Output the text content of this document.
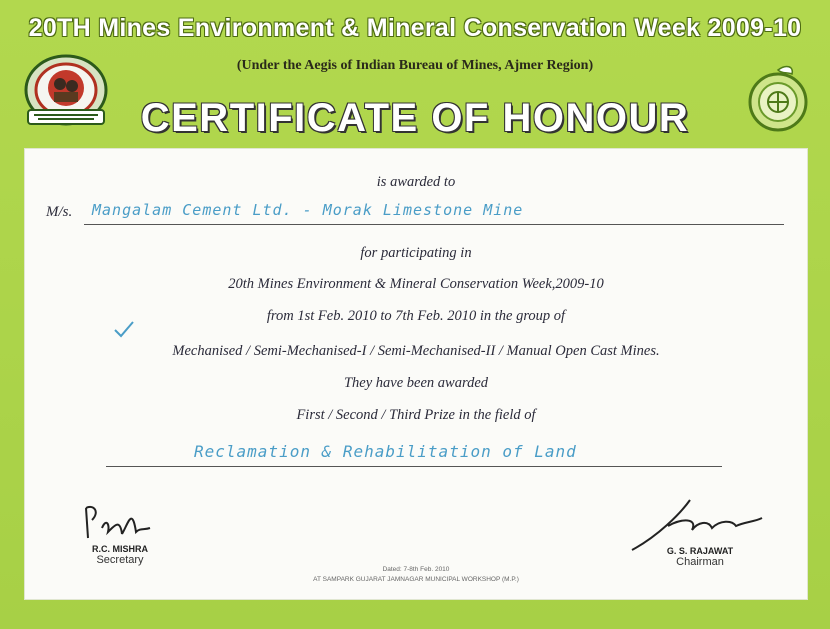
20TH Mines Environment & Mineral Conservation Week 2009-10
(Under the Aegis of Indian Bureau of Mines, Ajmer Region)
CERTIFICATE OF HONOUR
is awarded to
M/s. Mangalam Cement Ltd. - Morak Limestone Mine
for participating in
20th Mines Environment & Mineral Conservation Week,2009-10
from 1st Feb. 2010 to 7th Feb. 2010 in the group of
Mechanised / Semi-Mechanised-I / Semi-Mechanised-II / Manual Open Cast Mines.
They have been awarded
First / Second / Third Prize in the field of
Reclamation & Rehabilitation of Land
R.C. MISHRA
Secretary
G. S. RAJAWAT
Chairman
Dated: 7-8th Feb. 2010
AT SAMPARK GUJARAT JAMNAGAR MUNICIPAL WORKSHOP (M.P.)
